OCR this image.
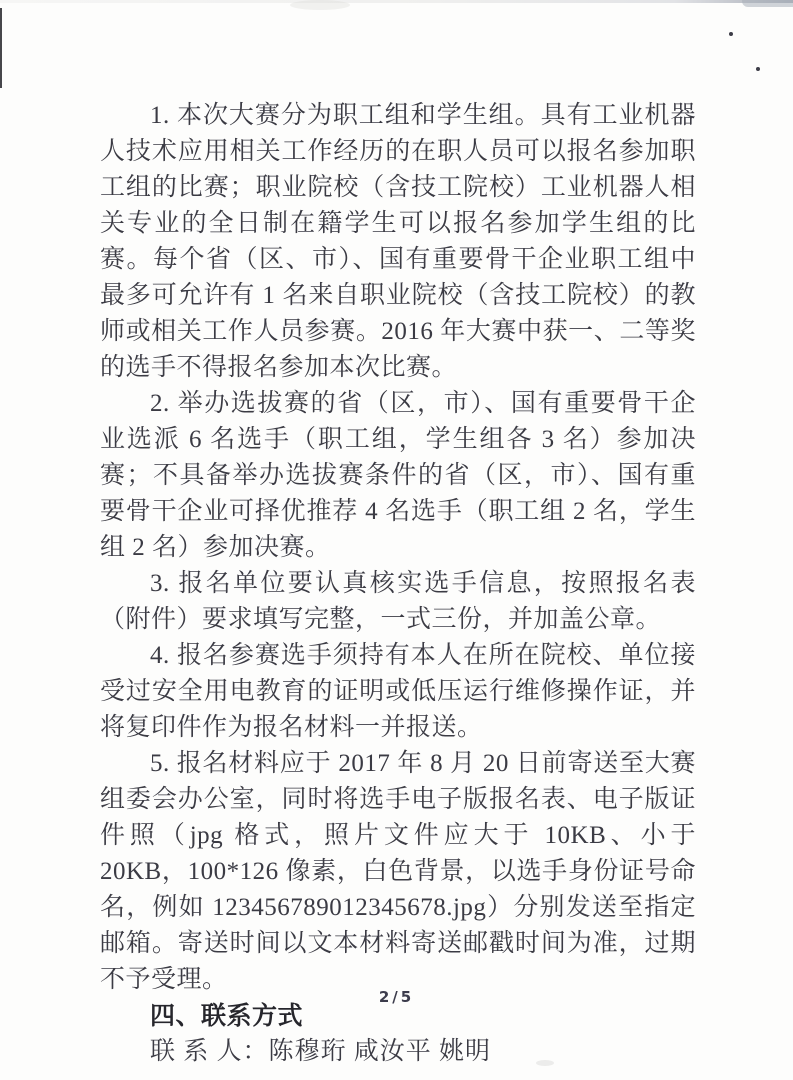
1. 本次大赛分为职工组和学生组。具有工业机器人技术应用相关工作经历的在职人员可以报名参加职工组的比赛；职业院校（含技工院校）工业机器人相关专业的全日制在籍学生可以报名参加学生组的比赛。每个省（区、市）、国有重要骨干企业职工组中最多可允许有 1 名来自职业院校（含技工院校）的教师或相关工作人员参赛。2016 年大赛中获一、二等奖的选手不得报名参加本次比赛。

2. 举办选拔赛的省（区，市）、国有重要骨干企业选派 6 名选手（职工组，学生组各 3 名）参加决赛；不具备举办选拔赛条件的省（区，市）、国有重要骨干企业可择优推荐 4 名选手（职工组 2 名，学生组 2 名）参加决赛。

3. 报名单位要认真核实选手信息，按照报名表（附件）要求填写完整，一式三份，并加盖公章。

4. 报名参赛选手须持有本人在所在院校、单位接受过安全用电教育的证明或低压运行维修操作证，并将复印件作为报名材料一并报送。

5. 报名材料应于 2017 年 8 月 20 日前寄送至大赛组委会办公室，同时将选手电子版报名表、电子版证件照（jpg 格式，照片文件应大于 10KB、小于 20KB，100*126 像素，白色背景，以选手身份证号命名，例如 123456789012345678.jpg）分别发送至指定邮箱。寄送时间以文本材料寄送邮戳时间为准，过期不予受理。

四、联系方式

联 系 人：陈穆珩 咸汝平 姚明

2/5
